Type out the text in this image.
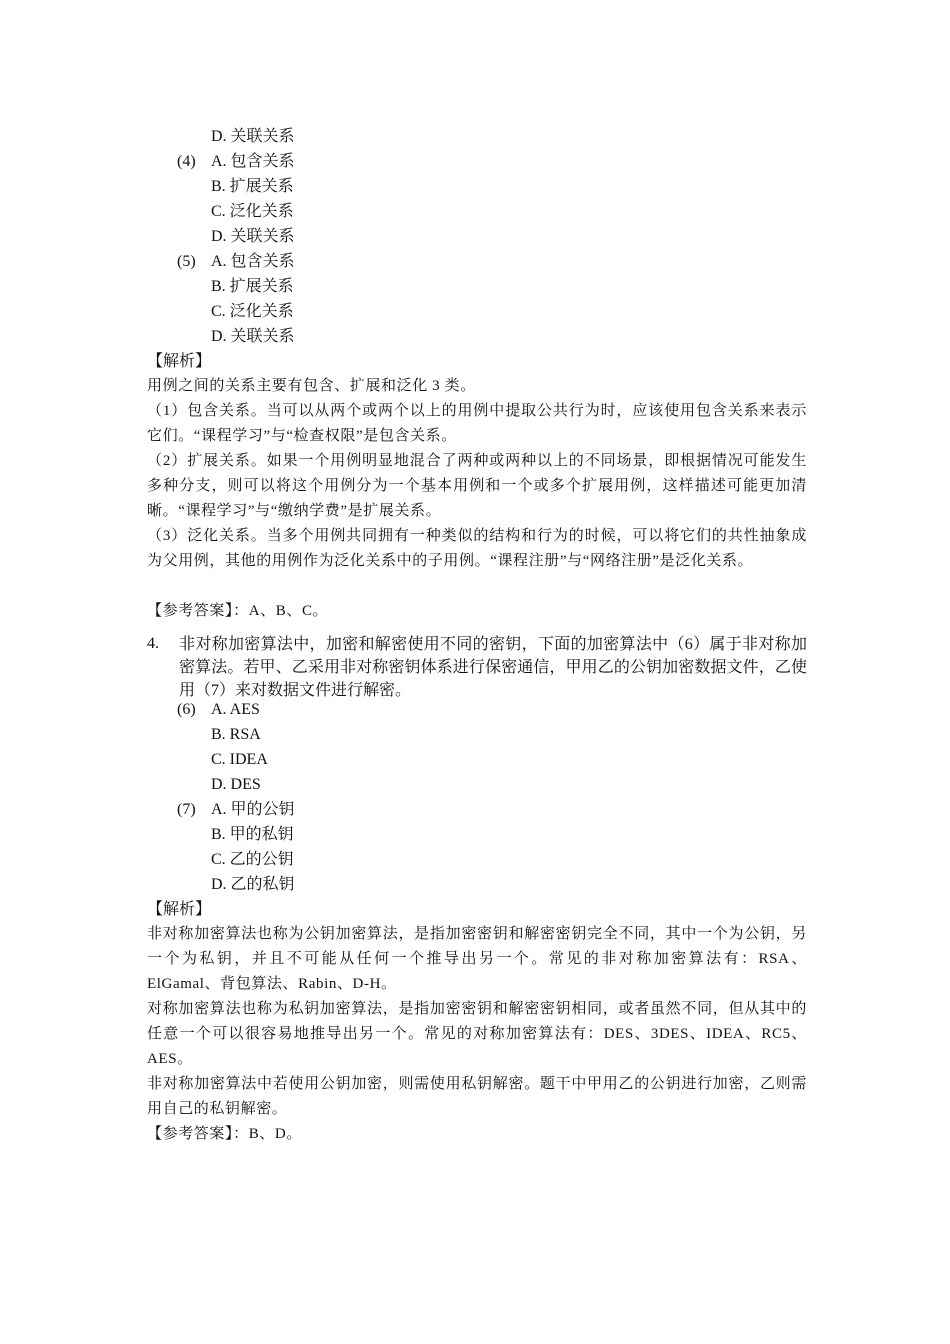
D. 关联关系
(4) A. 包含关系
B. 扩展关系
C. 泛化关系
D. 关联关系
(5) A. 包含关系
B. 扩展关系
C. 泛化关系
D. 关联关系
【解析】
用例之间的关系主要有包含、扩展和泛化 3 类。
（1）包含关系。当可以从两个或两个以上的用例中提取公共行为时，应该使用包含关系来表示它们。“课程学习”与“检查权限”是包含关系。
（2）扩展关系。如果一个用例明显地混合了两种或两种以上的不同场景，即根据情况可能发生多种分支，则可以将这个用例分为一个基本用例和一个或多个扩展用例，这样描述可能更加清晰。“课程学习”与“缴纳学费”是扩展关系。
（3）泛化关系。当多个用例共同拥有一种类似的结构和行为的时候，可以将它们的共性抽象成为父用例，其他的用例作为泛化关系中的子用例。“课程注册”与“网络注册”是泛化关系。
【参考答案】：A、B、C。
4. 非对称加密算法中，加密和解密使用不同的密钥，下面的加密算法中（6）属于非对称加密算法。若甲、乙采用非对称密钥体系进行保密通信，甲用乙的公钥加密数据文件，乙使用（7）来对数据文件进行解密。
(6) A. AES
B. RSA
C. IDEA
D. DES
(7) A. 甲的公钥
B. 甲的私钥
C. 乙的公钥
D. 乙的私钥
【解析】
非对称加密算法也称为公钥加密算法，是指加密密钥和解密密钥完全不同，其中一个为公钥，另一个为私钥，并且不可能从任何一个推导出另一个。常见的非对称加密算法有：RSA、ElGamal、背包算法、Rabin、D-H。
对称加密算法也称为私钥加密算法，是指加密密钥和解密密钥相同，或者虽然不同，但从其中的任意一个可以很容易地推导出另一个。常见的对称加密算法有：DES、3DES、IDEA、RC5、AES。
非对称加密算法中若使用公钥加密，则需使用私钥解密。题干中甲用乙的公钥进行加密，乙则需用自己的私钥解密。
【参考答案】：B、D。
